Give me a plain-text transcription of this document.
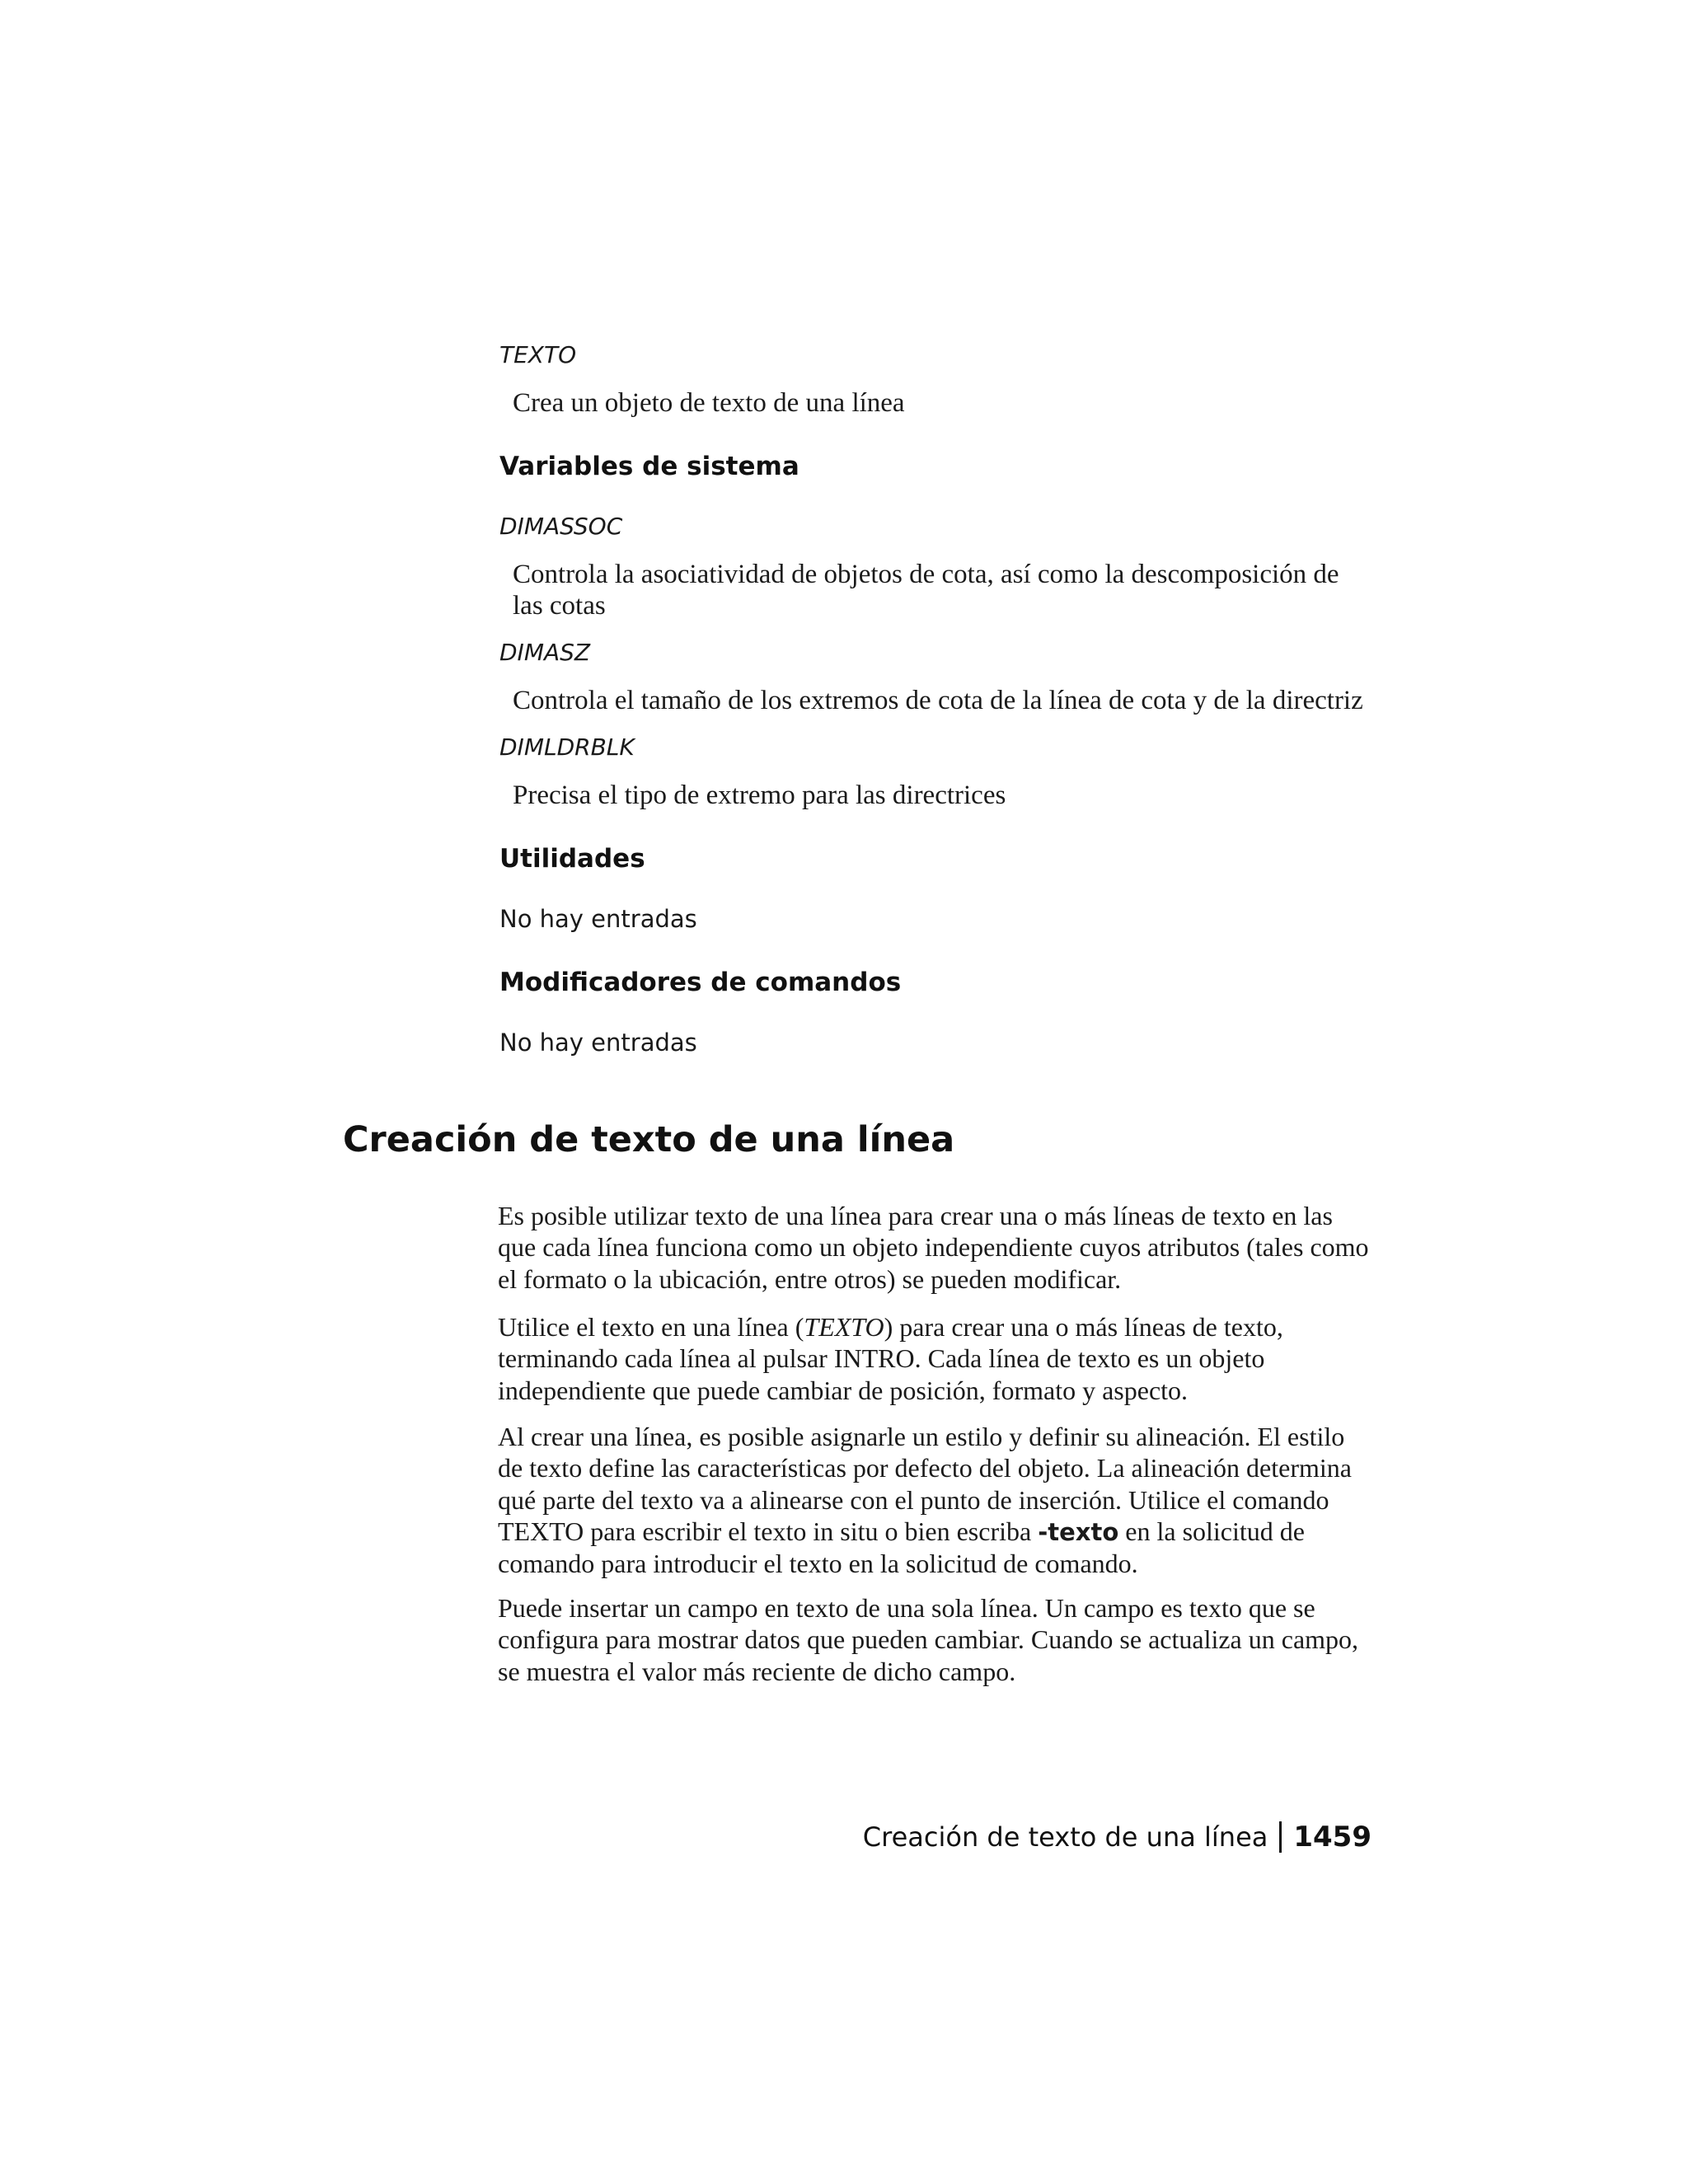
TEXTO
Crea un objeto de texto de una línea
Variables de sistema
DIMASSOC
Controla la asociatividad de objetos de cota, así como la descomposición de
las cotas
DIMASZ
Controla el tamaño de los extremos de cota de la línea de cota y de la directriz
DIMLDRBLK
Precisa el tipo de extremo para las directrices
Utilidades
No hay entradas
Modificadores de comandos
No hay entradas
Creación de texto de una línea
Es posible utilizar texto de una línea para crear una o más líneas de texto en las que cada línea funciona como un objeto independiente cuyos atributos (tales como el formato o la ubicación, entre otros) se pueden modificar.
Utilice el texto en una línea (TEXTO) para crear una o más líneas de texto, terminando cada línea al pulsar INTRO. Cada línea de texto es un objeto independiente que puede cambiar de posición, formato y aspecto.
Al crear una línea, es posible asignarle un estilo y definir su alineación. El estilo de texto define las características por defecto del objeto. La alineación determina qué parte del texto va a alinearse con el punto de inserción. Utilice el comando TEXTO para escribir el texto in situ o bien escriba -texto en la solicitud de comando para introducir el texto en la solicitud de comando.
Puede insertar un campo en texto de una sola línea. Un campo es texto que se configura para mostrar datos que pueden cambiar. Cuando se actualiza un campo, se muestra el valor más reciente de dicho campo.
Creación de texto de una línea 1459
